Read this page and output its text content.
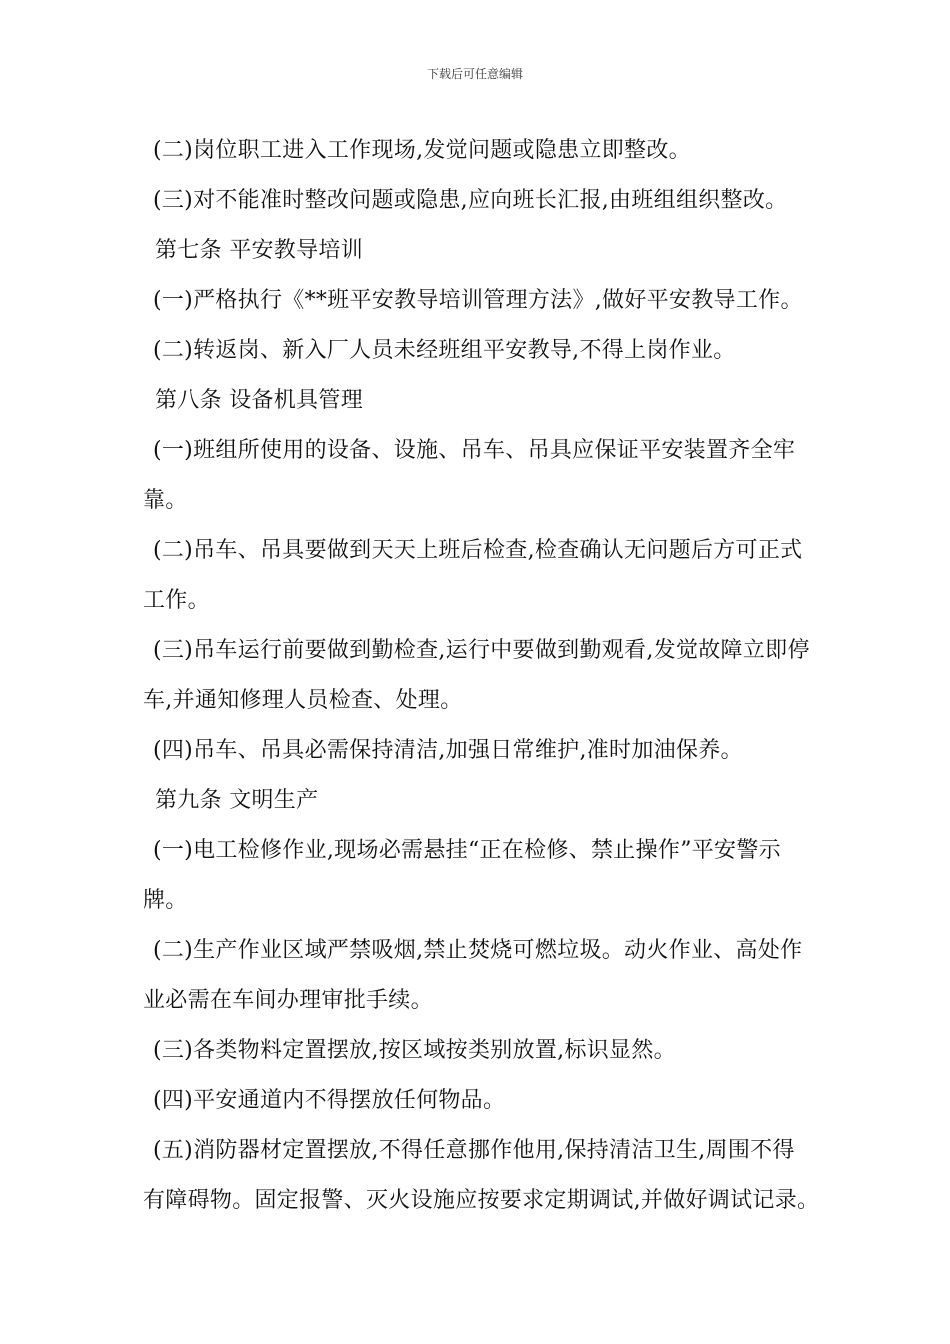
下载后可任意编辑
(二)岗位职工进入工作现场,发觉问题或隐患立即整改。
(三)对不能准时整改问题或隐患,应向班长汇报,由班组组织整改。
第七条 平安教导培训
(一)严格执行《**班平安教导培训管理方法》,做好平安教导工作。
(二)转返岗、新入厂人员未经班组平安教导,不得上岗作业。
第八条 设备机具管理
(一)班组所使用的设备、设施、吊车、吊具应保证平安装置齐全牢
靠。
(二)吊车、吊具要做到天天上班后检查,检查确认无问题后方可正式
工作。
(三)吊车运行前要做到勤检查,运行中要做到勤观看,发觉故障立即停
车,并通知修理人员检查、处理。
(四)吊车、吊具必需保持清洁,加强日常维护,准时加油保养。
第九条 文明生产
(一)电工检修作业,现场必需悬挂“正在检修、禁止操作”平安警示
牌。
(二)生产作业区域严禁吸烟,禁止焚烧可燃垃圾。动火作业、高处作
业必需在车间办理审批手续。
(三)各类物料定置摆放,按区域按类别放置,标识显然。
(四)平安通道内不得摆放任何物品。
(五)消防器材定置摆放,不得任意挪作他用,保持清洁卫生,周围不得
有障碍物。固定报警、灭火设施应按要求定期调试,并做好调试记录。
